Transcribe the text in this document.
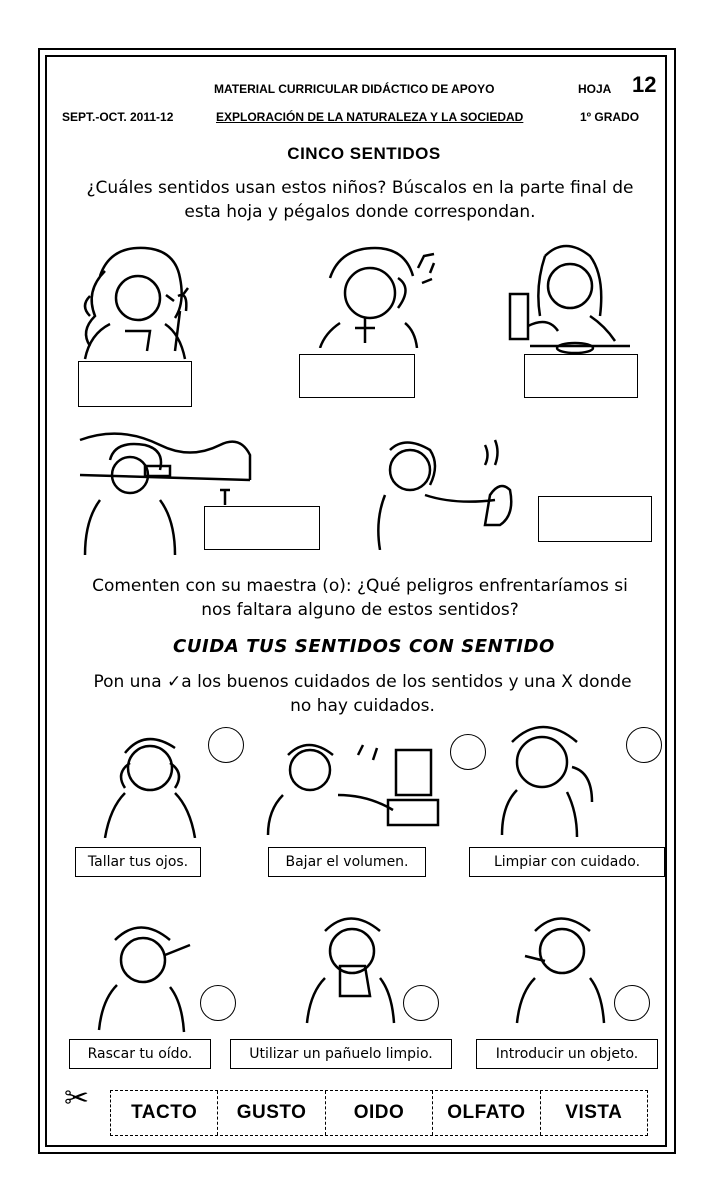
MATERIAL CURRICULAR DIDÁCTICO DE APOYO	HOJA 12
SEPT.-OCT. 2011-12	EXPLORACIÓN DE LA NATURALEZA Y LA SOCIEDAD	1º GRADO
CINCO SENTIDOS
¿Cuáles sentidos usan estos niños? Búscalos en la parte final de
esta hoja y pégalos donde correspondan.
Comenten con su maestra (o): ¿Qué peligros enfrentaríamos si
nos faltara alguno de estos sentidos?
CUIDA TUS SENTIDOS CON SENTIDO
Pon una ✓a los buenos cuidados de los sentidos y una X donde
no hay cuidados.
Tallar tus ojos.	Bajar el volumen.	Limpiar con cuidado.
Rascar tu oído.	Utilizar un pañuelo limpio.	Introducir un objeto.
✂	TACTO	GUSTO	OIDO	OLFATO	VISTA
